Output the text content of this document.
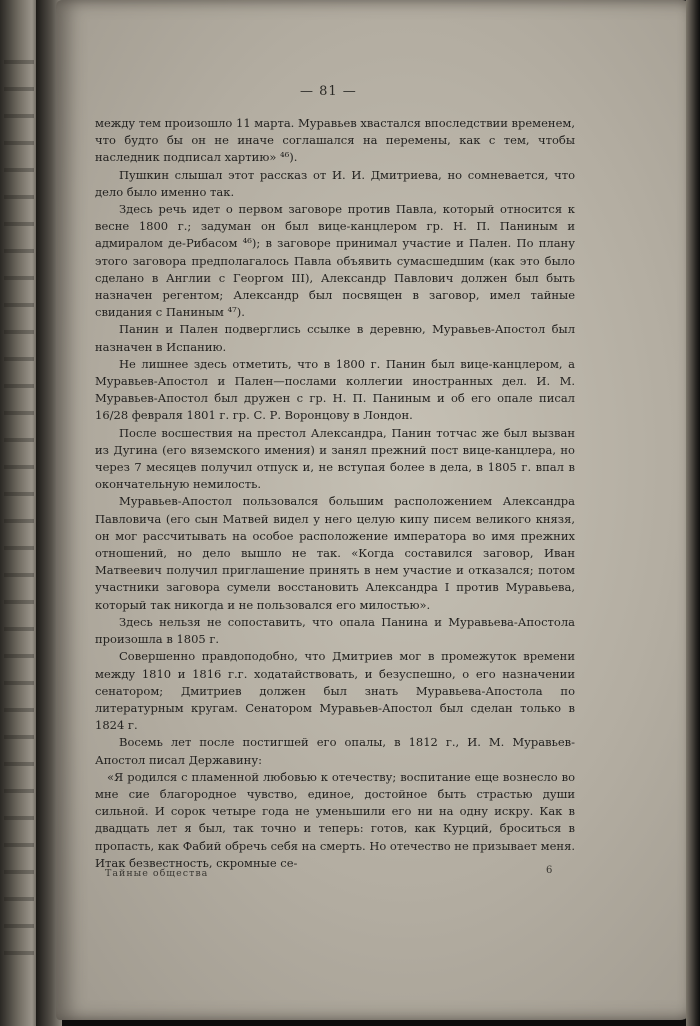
— 81 —

между тем произошло 11 марта. Муравьев хвастался впоследствии временем, что будто бы он не иначе соглашался на перемены, как с тем, чтобы наследник подписал хартию» ⁴⁶).

Пушкин слышал этот рассказ от И. И. Дмитриева, но сомневается, что дело было именно так.

Здесь речь идет о первом заговоре против Павла, который относится к весне 1800 г.; задуман он был вице-канцлером гр. Н. П. Паниным и адмиралом де-Рибасом ⁴⁶); в заговоре принимал участие и Пален. По плану этого заговора предполагалось Павла объявить сумасшедшим (как это было сделано в Англии с Георгом III), Александр Павлович должен был быть назначен регентом; Александр был посвящен в заговор, имел тайные свидания с Паниным ⁴⁷).

Панин и Пален подверглись ссылке в деревню, Муравьев-Апостол был назначен в Испанию.

Не лишнее здесь отметить, что в 1800 г. Панин был вице-канцлером, а Муравьев-Апостол и Пален—послами коллегии иностранных дел. И. М. Муравьев-Апостол был дружен с гр. Н. П. Паниным и об его опале писал 16/28 февраля 1801 г. гр. С. Р. Воронцову в Лондон.

После восшествия на престол Александра, Панин тотчас же был вызван из Дугина (его вяземского имения) и занял прежний пост вице-канцлера, но через 7 месяцев получил отпуск и, не вступая более в дела, в 1805 г. впал в окончательную немилость.

Муравьев-Апостол пользовался большим расположением Александра Павловича (его сын Матвей видел у него целую кипу писем великого князя, он мог рассчитывать на особое расположение императора во имя прежних отношений, но дело вышло не так. «Когда составился заговор, Иван Матвеевич получил приглашение принять в нем участие и отказался; потом участники заговора сумели восстановить Александра I против Муравьева, который так никогда и не пользовался его милостью».

Здесь нельзя не сопоставить, что опала Панина и Муравьева-Апостола произошла в 1805 г.

Совершенно правдоподобно, что Дмитриев мог в промежуток времени между 1810 и 1816 г.г. ходатайствовать, и безуспешно, о его назначении сенатором; Дмитриев должен был знать Муравьева-Апостола по литературным кругам. Сенатором Муравьев-Апостол был сделан только в 1824 г.

Восемь лет после постигшей его опалы, в 1812 г., И. М. Муравьев-Апостол писал Державину:

«Я родился с пламенной любовью к отечеству; воспитание еще вознесло во мне сие благородное чувство, единое, достойное быть страстью души сильной. И сорок четыре года не уменьшили его ни на одну искру. Как в двадцать лет я был, так точно и теперь: готов, как Курций, броситься в пропасть, как Фабий обречь себя на смерть. Но отечество не призывает меня. Итак безвестность, скромные се-

Тайные общества	6
